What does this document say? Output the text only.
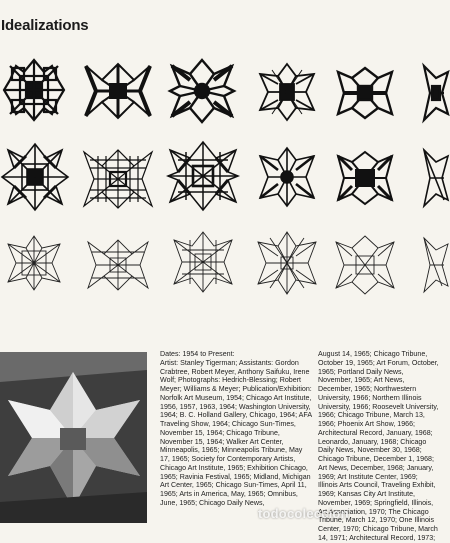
Idealizations
Dates: 1954 to Present:
Artist: Stanley Tigerman; Assistants: Gordon Crabtree, Robert Meyer, Anthony Saifuku, Irene Wolf; Photographs: Hedrich-Blessing; Robert Meyer; Williams & Meyer; Publication/Exhibition: Norfolk Art Museum, 1954; Chicago Art Institute, 1956, 1957, 1963, 1964; Washington University, 1964; B. C. Holland Gallery, Chicago, 1964; AFA Traveling Show, 1964; Chicago Sun-Times, November 15, 1964; Chicago Tribune, November 15, 1964; Walker Art Center, Minneapolis, 1965; Minneapolis Tribune, May 17, 1965; Society for Contemporary Artists, Chicago Art Institute, 1965; Exhibition Chicago, 1965; Ravinia Festival, 1965; Midland, Michigan Art Center, 1965; Chicago Sun-Times, April 11, 1965; Arts in America, May, 1965; Omnibus, June, 1965; Chicago Daily News,
August 14, 1965; Chicago Tribune, October 19, 1965; Art Forum, October, 1965; Portland Daily News, November, 1965; Art News, December, 1965; Northwestern University, 1966; Northern Illinois University, 1966; Roosevelt University, 1966; Chicago Tribune, March 13, 1966; Phoenix Art Show, 1966; Architectural Record, January, 1968; Leonardo, January, 1968; Chicago Daily News, November 30, 1968; Chicago Tribune, December 1, 1968; Art News, December, 1968; January, 1969; Art Institute Center, 1969; Illinois Arts Council, Traveling Exhibit, 1969; Kansas City Art Institute, November, 1969; Springfield, Illinois, Art Association, 1970; The Chicago Tribune, March 12, 1970; One Illinois Center, 1970; Chicago Tribune, March 14, 1971; Architectural Record, 1973;
todocoleccion
